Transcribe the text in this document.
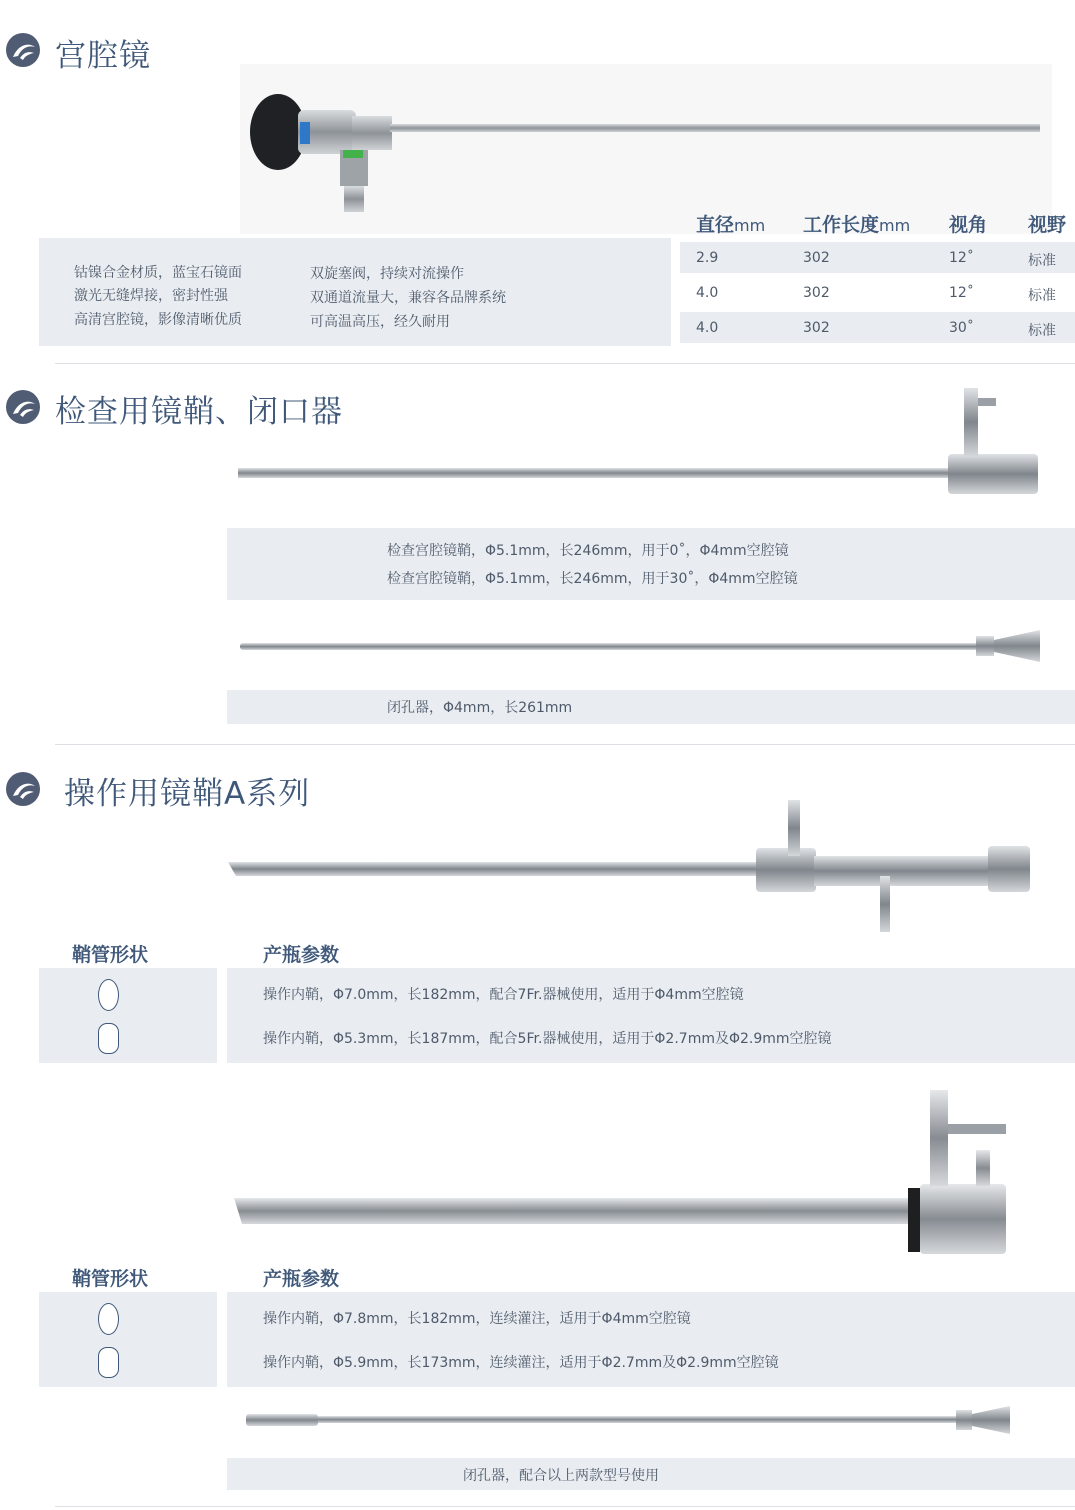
宫腔镜
钴镍合金材质，蓝宝石镜面
激光无缝焊接，密封性强
高清宫腔镜，影像清晰优质
双旋塞阀，持续对流操作
双通道流量大，兼容各品牌系统
可高温高压，经久耐用
直径mm 工作长度mm 视角 视野
2.9	302	12˚	标准
4.0	302	12˚	标准
4.0	302	30˚	标准
检查用镜鞘、闭口器
检查宫腔镜鞘，Φ5.1mm，长246mm，用于0˚，Φ4mm空腔镜
检查宫腔镜鞘，Φ5.1mm，长246mm，用于30˚，Φ4mm空腔镜
闭孔器，Φ4mm，长261mm
操作用镜鞘A系列
鞘管形状	产瓶参数
操作内鞘，Φ7.0mm，长182mm，配合7Fr.器械使用，适用于Φ4mm空腔镜
操作内鞘，Φ5.3mm，长187mm，配合5Fr.器械使用，适用于Φ2.7mm及Φ2.9mm空腔镜
鞘管形状	产瓶参数
操作内鞘，Φ7.8mm，长182mm，连续灌注，适用于Φ4mm空腔镜
操作内鞘，Φ5.9mm，长173mm，连续灌注，适用于Φ2.7mm及Φ2.9mm空腔镜
闭孔器，配合以上两款型号使用
